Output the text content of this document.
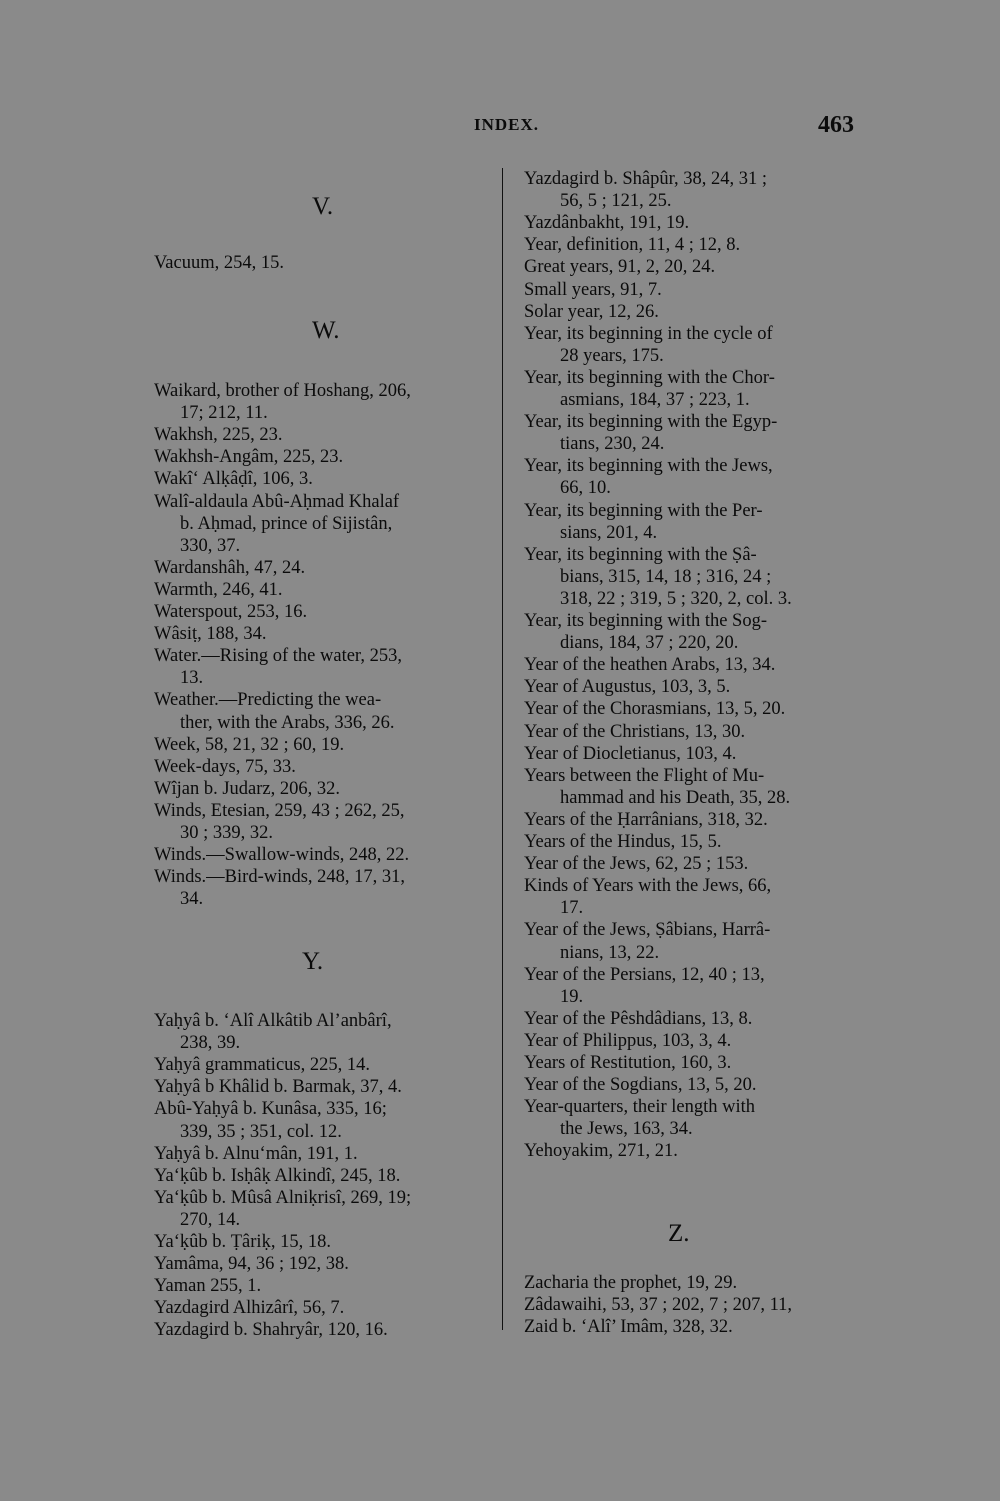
INDEX.	463
V.
Vacuum, 254, 15.
W.
Waikard, brother of Hoshang, 206,
17; 212, 11.
Wakhsh, 225, 23.
Wakhsh-Angâm, 225, 23.
Wakî‘ Alḳâḍî, 106, 3.
Walî-aldaula Abû-Aḥmad Khalaf
b. Aḥmad, prince of Sijistân,
330, 37.
Wardanshâh, 47, 24.
Warmth, 246, 41.
Waterspout, 253, 16.
Wâsiṭ, 188, 34.
Water.—Rising of the water, 253,
13.
Weather.—Predicting the wea-
ther, with the Arabs, 336, 26.
Week, 58, 21, 32 ; 60, 19.
Week-days, 75, 33.
Wîjan b. Judarz, 206, 32.
Winds, Etesian, 259, 43 ; 262, 25,
30 ; 339, 32.
Winds.—Swallow-winds, 248, 22.
Winds.—Bird-winds, 248, 17, 31,
34.
Y.
Yaḥyâ b. ‘Alî Alkâtib Al’anbârî,
238, 39.
Yaḥyâ grammaticus, 225, 14.
Yaḥyâ b Khâlid b. Barmak, 37, 4.
Abû-Yaḥyâ b. Kunâsa, 335, 16;
339, 35 ; 351, col. 12.
Yaḥyâ b. Alnu‘mân, 191, 1.
Ya‘ḳûb b. Isḥâḳ Alkindî, 245, 18.
Ya‘ḳûb b. Mûsâ Alniḳrisî, 269, 19;
270, 14.
Ya‘ḳûb b. Ṭâriḳ, 15, 18.
Yamâma, 94, 36 ; 192, 38.
Yaman 255, 1.
Yazdagird Alhizârî, 56, 7.
Yazdagird b. Shahryâr, 120, 16.
Yazdagird b. Shâpûr, 38, 24, 31 ;
56, 5 ; 121, 25.
Yazdânbakht, 191, 19.
Year, definition, 11, 4 ; 12, 8.
Great years, 91, 2, 20, 24.
Small years, 91, 7.
Solar year, 12, 26.
Year, its beginning in the cycle of
28 years, 175.
Year, its beginning with the Chor-
asmians, 184, 37 ; 223, 1.
Year, its beginning with the Egyp-
tians, 230, 24.
Year, its beginning with the Jews,
66, 10.
Year, its beginning with the Per-
sians, 201, 4.
Year, its beginning with the Ṣâ-
bians, 315, 14, 18 ; 316, 24 ;
318, 22 ; 319, 5 ; 320, 2, col. 3.
Year, its beginning with the Sog-
dians, 184, 37 ; 220, 20.
Year of the heathen Arabs, 13, 34.
Year of Augustus, 103, 3, 5.
Year of the Chorasmians, 13, 5, 20.
Year of the Christians, 13, 30.
Year of Diocletianus, 103, 4.
Years between the Flight of Mu-
hammad and his Death, 35, 28.
Years of the Ḥarrânians, 318, 32.
Years of the Hindus, 15, 5.
Year of the Jews, 62, 25 ; 153.
Kinds of Years with the Jews, 66,
17.
Year of the Jews, Ṣâbians, Harrâ-
nians, 13, 22.
Year of the Persians, 12, 40 ; 13,
19.
Year of the Pêshdâdians, 13, 8.
Year of Philippus, 103, 3, 4.
Years of Restitution, 160, 3.
Year of the Sogdians, 13, 5, 20.
Year-quarters, their length with
the Jews, 163, 34.
Yehoyakim, 271, 21.
Z.
Zacharia the prophet, 19, 29.
Zâdawaihi, 53, 37 ; 202, 7 ; 207, 11,
Zaid b. ‘Alî’ Imâm, 328, 32.
